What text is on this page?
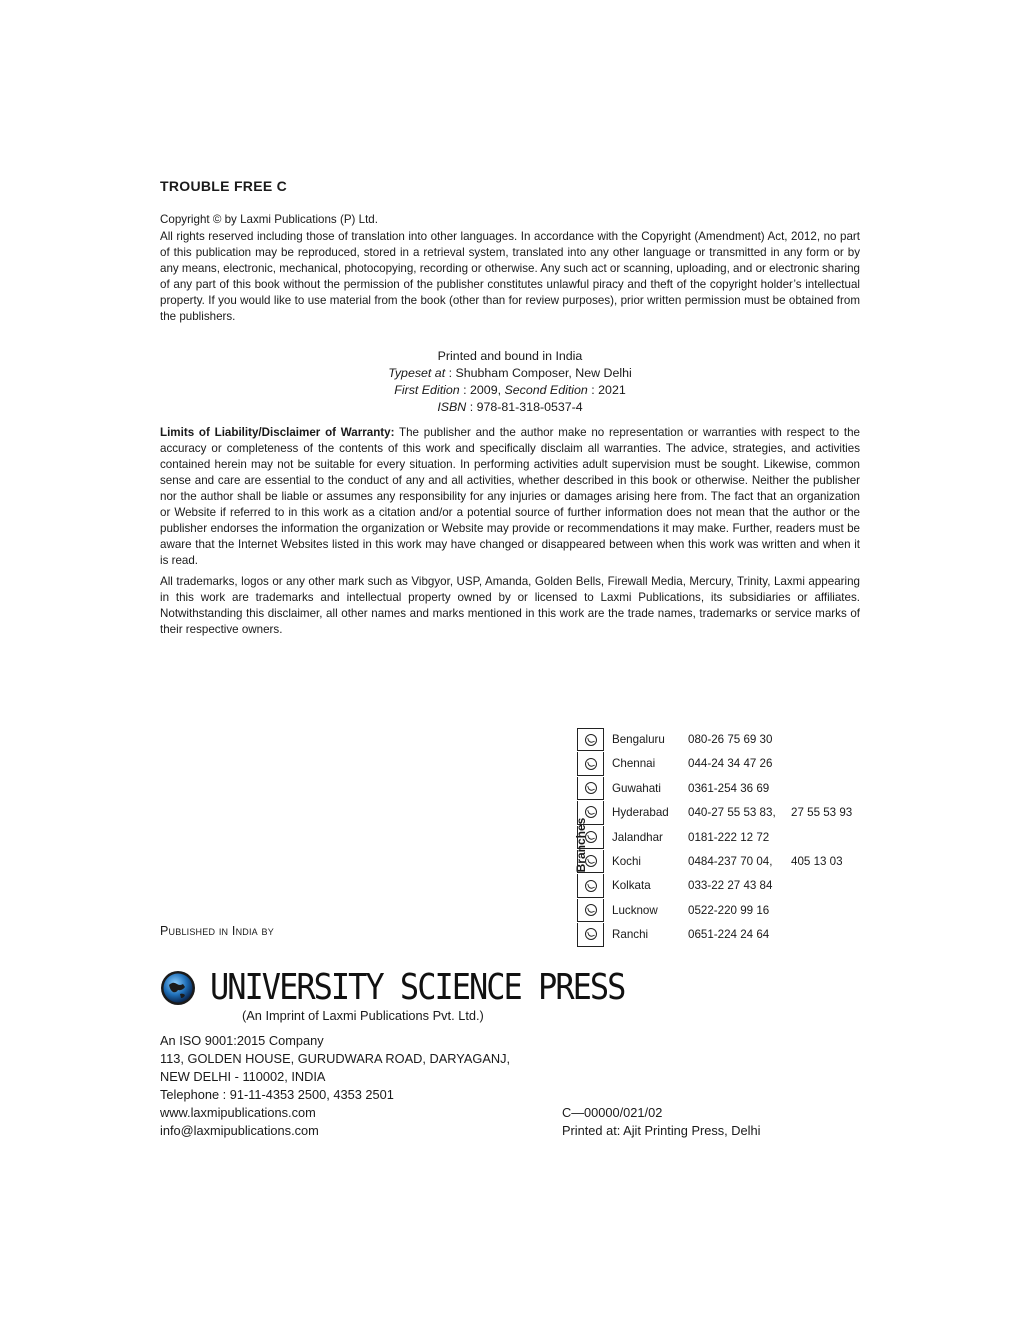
TROUBLE FREE C
Copyright © by Laxmi Publications (P) Ltd.

All rights reserved including those of translation into other languages. In accordance with the Copyright (Amendment) Act, 2012, no part of this publication may be reproduced, stored in a retrieval system, translated into any other language or transmitted in any form or by any means, electronic, mechanical, photocopying, recording or otherwise. Any such act or scanning, uploading, and or electronic sharing of any part of this book without the permission of the publisher constitutes unlawful piracy and theft of the copyright holder’s intellectual property. If you would like to use material from the book (other than for review purposes), prior written permission must be obtained from the publishers.

Printed and bound in India
Typeset at : Shubham Composer, New Delhi
First Edition : 2009, Second Edition : 2021
ISBN : 978-81-318-0537-4

Limits of Liability/Disclaimer of Warranty: The publisher and the author make no representation or warranties with respect to the accuracy or completeness of the contents of this work and specifically disclaim all warranties. The advice, strategies, and activities contained herein may not be suitable for every situation. In performing activities adult supervision must be sought. Likewise, common sense and care are essential to the conduct of any and all activities, whether described in this book or otherwise. Neither the publisher nor the author shall be liable or assumes any responsibility for any injuries or damages arising here from. The fact that an organization or Website if referred to in this work as a citation and/or a potential source of further information does not mean that the author or the publisher endorses the information the organization or Website may provide or recommendations it may make. Further, readers must be aware that the Internet Websites listed in this work may have changed or disappeared between when this work was written and when it is read.

All trademarks, logos or any other mark such as Vibgyor, USP, Amanda, Golden Bells, Firewall Media, Mercury, Trinity, Laxmi appearing in this work are trademarks and intellectual property owned by or licensed to Laxmi Publications, its subsidiaries or affiliates. Notwithstanding this disclaimer, all other names and marks mentioned in this work are the trade names, trademarks or service marks of their respective owners.

Branches
Bengaluru 080-26 75 69 30
Chennai	044-24 34 47 26
Guwahati 0361-254 36 69
Hyderabad 040-27 55 53 83, 27 55 53 93
Jalandhar 0181-222 12 72
Kochi	0484-237 70 04, 405 13 03
Kolkata	033-22 27 43 84
Lucknow	0522-220 99 16
Ranchi	0651-224 24 64
Published in India by
UNIVERSITY SCIENCE PRESS
(An Imprint of Laxmi Publications Pvt. Ltd.)
An ISO 9001:2015 Company
113, GOLDEN HOUSE, GURUDWARA ROAD, DARYAGANJ,
NEW DELHI - 110002, INDIA
Telephone : 91-11-4353 2500, 4353 2501
www.laxmipublications.com
info@laxmipublications.com
C—00000/021/02
Printed at: Ajit Printing Press, Delhi
